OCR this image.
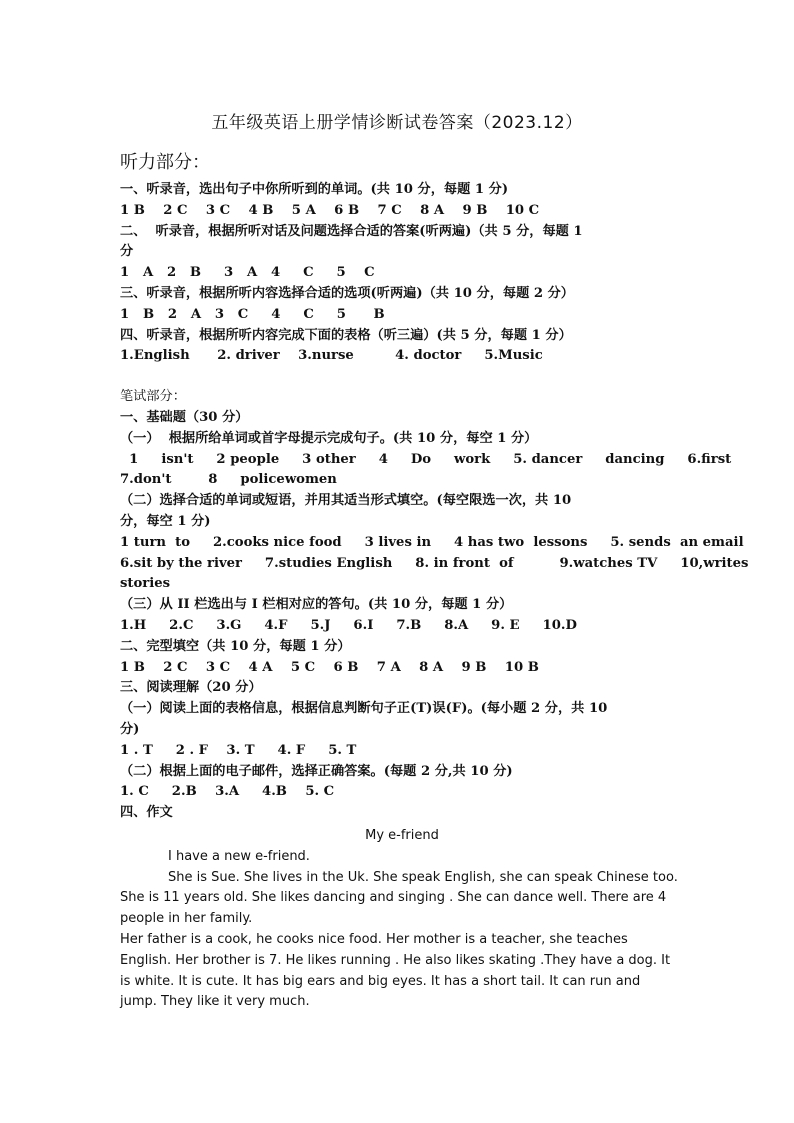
五年级英语上册学情诊断试卷答案（2023.12）
听力部分：
一、听录音，选出句子中你所听到的单词。(共 10 分，每题 1 分)
1 B    2 C    3 C    4 B    5 A    6 B    7 C    8 A    9 B    10 C
二、  听录音，根据所听对话及问题选择合适的答案(听两遍)（共 5 分，每题 1
分
1   A   2   B     3   A   4     C     5    C
三、听录音，根据所听内容选择合适的选项(听两遍)（共 10 分，每题 2 分）
1   B   2   A   3   C     4     C     5      B
四、听录音，根据所听内容完成下面的表格（听三遍）(共 5 分，每题 1 分）
1.English      2. driver    3.nurse         4. doctor     5.Music
笔试部分：
一、基础题（30 分）
（一）  根据所给单词或首字母提示完成句子。(共 10 分，每空 1 分）
1     isn't     2 people     3 other     4     Do     work     5. dancer     dancing     6.first
7.don't        8     policewomen
（二）选择合适的单词或短语，并用其适当形式填空。(每空限选一次，共 10
分，每空 1 分)
1 turn  to     2.cooks nice food     3 lives in     4 has two  lessons     5. sends  an email
6.sit by the river     7.studies English     8. in front  of          9.watches TV     10,writes
stories
（三）从 II 栏选出与 I 栏相对应的答句。(共 10 分，每题 1 分）
1.H     2.C     3.G     4.F     5.J     6.I     7.B     8.A     9. E     10.D
二、完型填空（共 10 分，每题 1 分）
1 B    2 C    3 C    4 A    5 C    6 B    7 A    8 A    9 B    10 B
三、阅读理解（20 分）
（一）阅读上面的表格信息，根据信息判断句子正(T)误(F)。(每小题 2 分，共 10
分)
1 . T     2 . F    3. T     4. F     5. T
（二）根据上面的电子邮件，选择正确答案。(每题 2 分,共 10 分)
1. C     2.B    3.A     4.B    5. C
四、作文
My e-friend
I have a new e-friend.
She is Sue. She lives in the Uk. She speak English, she can speak Chinese too. She is 11 years old. She likes dancing and singing . She can dance well. There are 4 people in her family.
Her father is a cook, he cooks nice food. Her mother is a teacher, she teaches English. Her brother is 7. He likes running . He also likes skating .They have a dog. It is white. It is cute. It has big ears and big eyes. It has a short tail. It can run and jump. They like it very much.
